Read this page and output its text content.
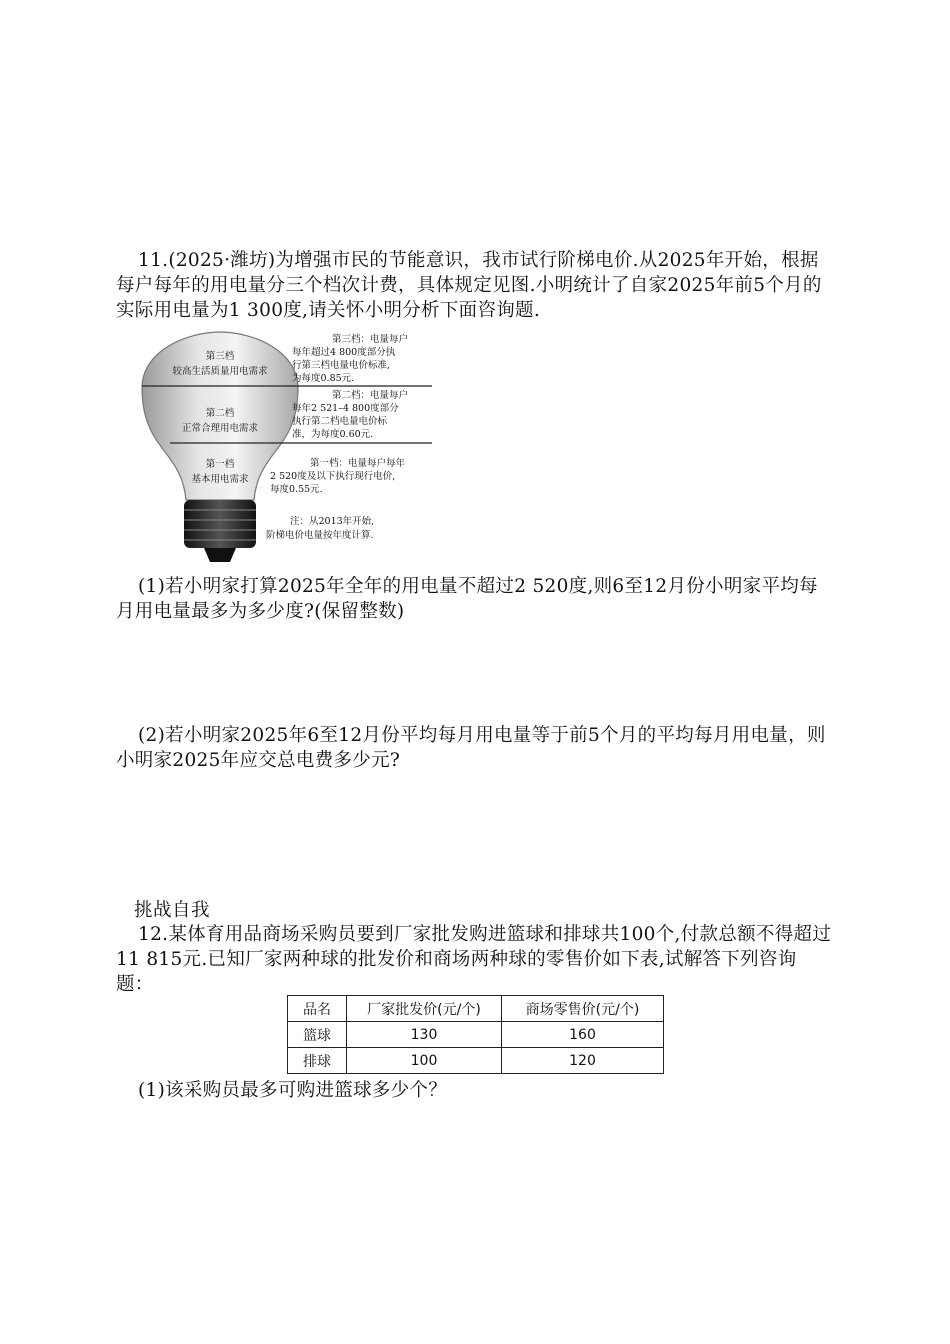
11.(2025·潍坊)为增强市民的节能意识，我市试行阶梯电价.从2025年开始，根据每户每年的用电量分三个档次计费，具体规定见图.小明统计了自家2025年前5个月的实际用电量为1 300度,请关怀小明分析下面咨询题.
第三档
较高生活质量用电需求
第二档
正常合理用电需求
第一档
基本用电需求
第三档：电量每户
每年超过4 800度部分执
行第三档电量电价标准,
为每度0.85元.
第二档：电量每户
每年2 521–4 800度部分
执行第二档电量电价标
准，为每度0.60元.
第一档：电量每户每年
2 520度及以下执行现行电价,
每度0.55元.
注：从2013年开始,
阶梯电价电量按年度计算.
(1)若小明家打算2025年全年的用电量不超过2 520度,则6至12月份小明家平均每月用电量最多为多少度?(保留整数)
(2)若小明家2025年6至12月份平均每月用电量等于前5个月的平均每月用电量，则小明家2025年应交总电费多少元?
挑战自我
12.某体育用品商场采购员要到厂家批发购进篮球和排球共100个,付款总额不得超过11 815元.已知厂家两种球的批发价和商场两种球的零售价如下表,试解答下列咨询题：
品名	厂家批发价(元/个)	商场零售价(元/个)
篮球	130	160
排球	100	120
(1)该采购员最多可购进篮球多少个？
